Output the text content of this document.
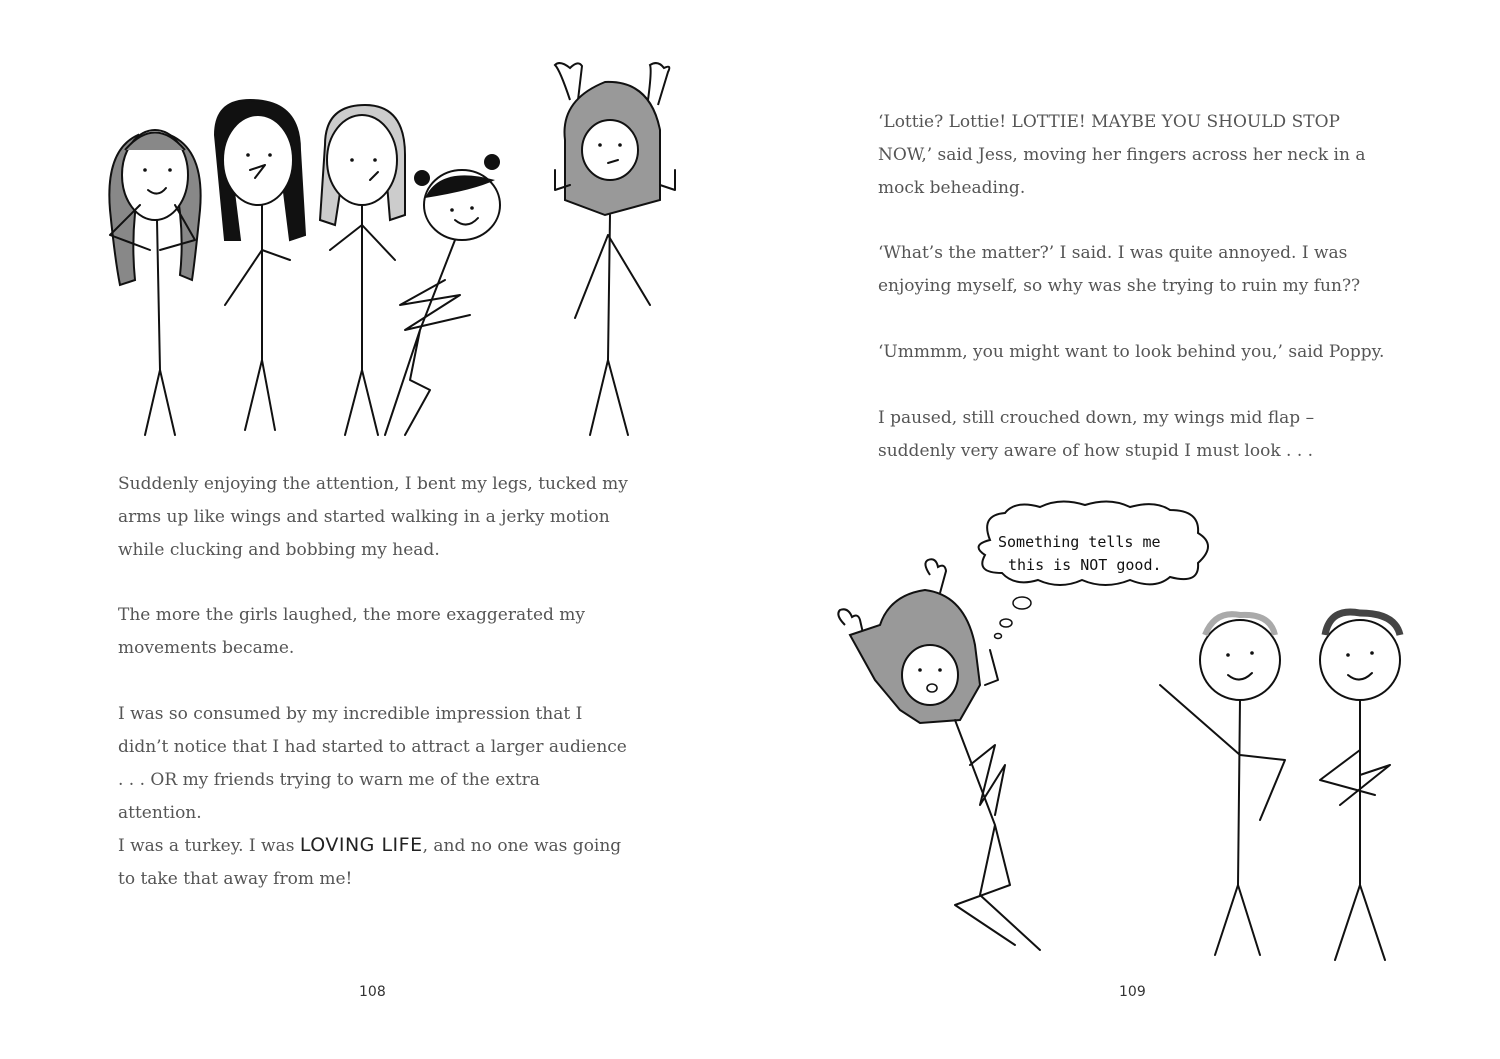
Suddenly enjoying the attention, I bent my legs, tucked my arms up like wings and started walking in a jerky motion while clucking and bobbing my head.

The more the girls laughed, the more exaggerated my movements became.

I was so consumed by my incredible impression that I didn’t notice that I had started to attract a larger audience . . . OR my friends trying to warn me of the extra attention.

I was a turkey. I was LOVING LIFE, and no one was going to take that away from me!

108

‘Lottie? Lottie! LOTTIE! MAYBE YOU SHOULD STOP NOW,’ said Jess, moving her fingers across her neck in a mock beheading.

‘What’s the matter?’ I said. I was quite annoyed. I was enjoying myself, so why was she trying to ruin my fun??

‘Ummmm, you might want to look behind you,’ said Poppy.

I paused, still crouched down, my wings mid flap – suddenly very aware of how stupid I must look . . .

Something tells me
this is NOT good.
109
